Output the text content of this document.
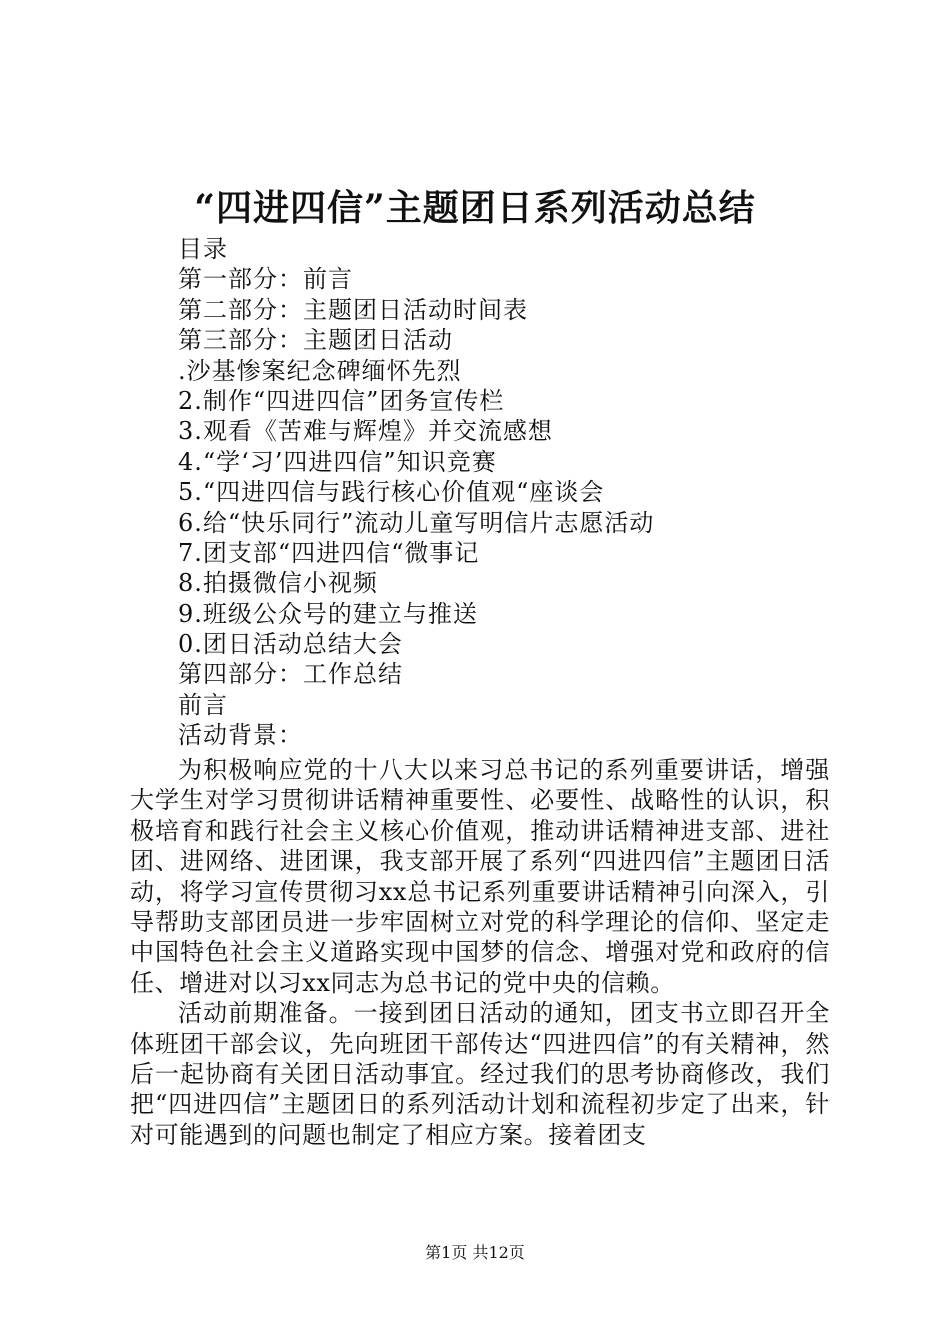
“四进四信”主题团日系列活动总结
目录
第一部分：前言
第二部分：主题团日活动时间表
第三部分：主题团日活动
.沙基惨案纪念碑缅怀先烈
2.制作“四进四信”团务宣传栏
3.观看《苦难与辉煌》并交流感想
4.“学‘习’四进四信”知识竞赛
5.“四进四信与践行核心价值观“座谈会
6.给“快乐同行”流动儿童写明信片志愿活动
7.团支部“四进四信“微事记
8.拍摄微信小视频
9.班级公众号的建立与推送
0.团日活动总结大会
第四部分：工作总结
前言
活动背景：

为积极响应党的十八大以来习总书记的系列重要讲话，增强大学生对学习贯彻讲话精神重要性、必要性、战略性的认识，积极培育和践行社会主义核心价值观，推动讲话精神进支部、进社团、进网络、进团课，我支部开展了系列“四进四信”主题团日活动，将学习宣传贯彻习xx总书记系列重要讲话精神引向深入，引导帮助支部团员进一步牢固树立对党的科学理论的信仰、坚定走中国特色社会主义道路实现中国梦的信念、增强对党和政府的信任、增进对以习xx同志为总书记的党中央的信赖。

活动前期准备。一接到团日活动的通知，团支书立即召开全体班团干部会议，先向班团干部传达“四进四信”的有关精神，然后一起协商有关团日活动事宜。经过我们的思考协商修改，我们把“四进四信”主题团日的系列活动计划和流程初步定了出来，针对可能遇到的问题也制定了相应方案。接着团支

第1页 共12页
